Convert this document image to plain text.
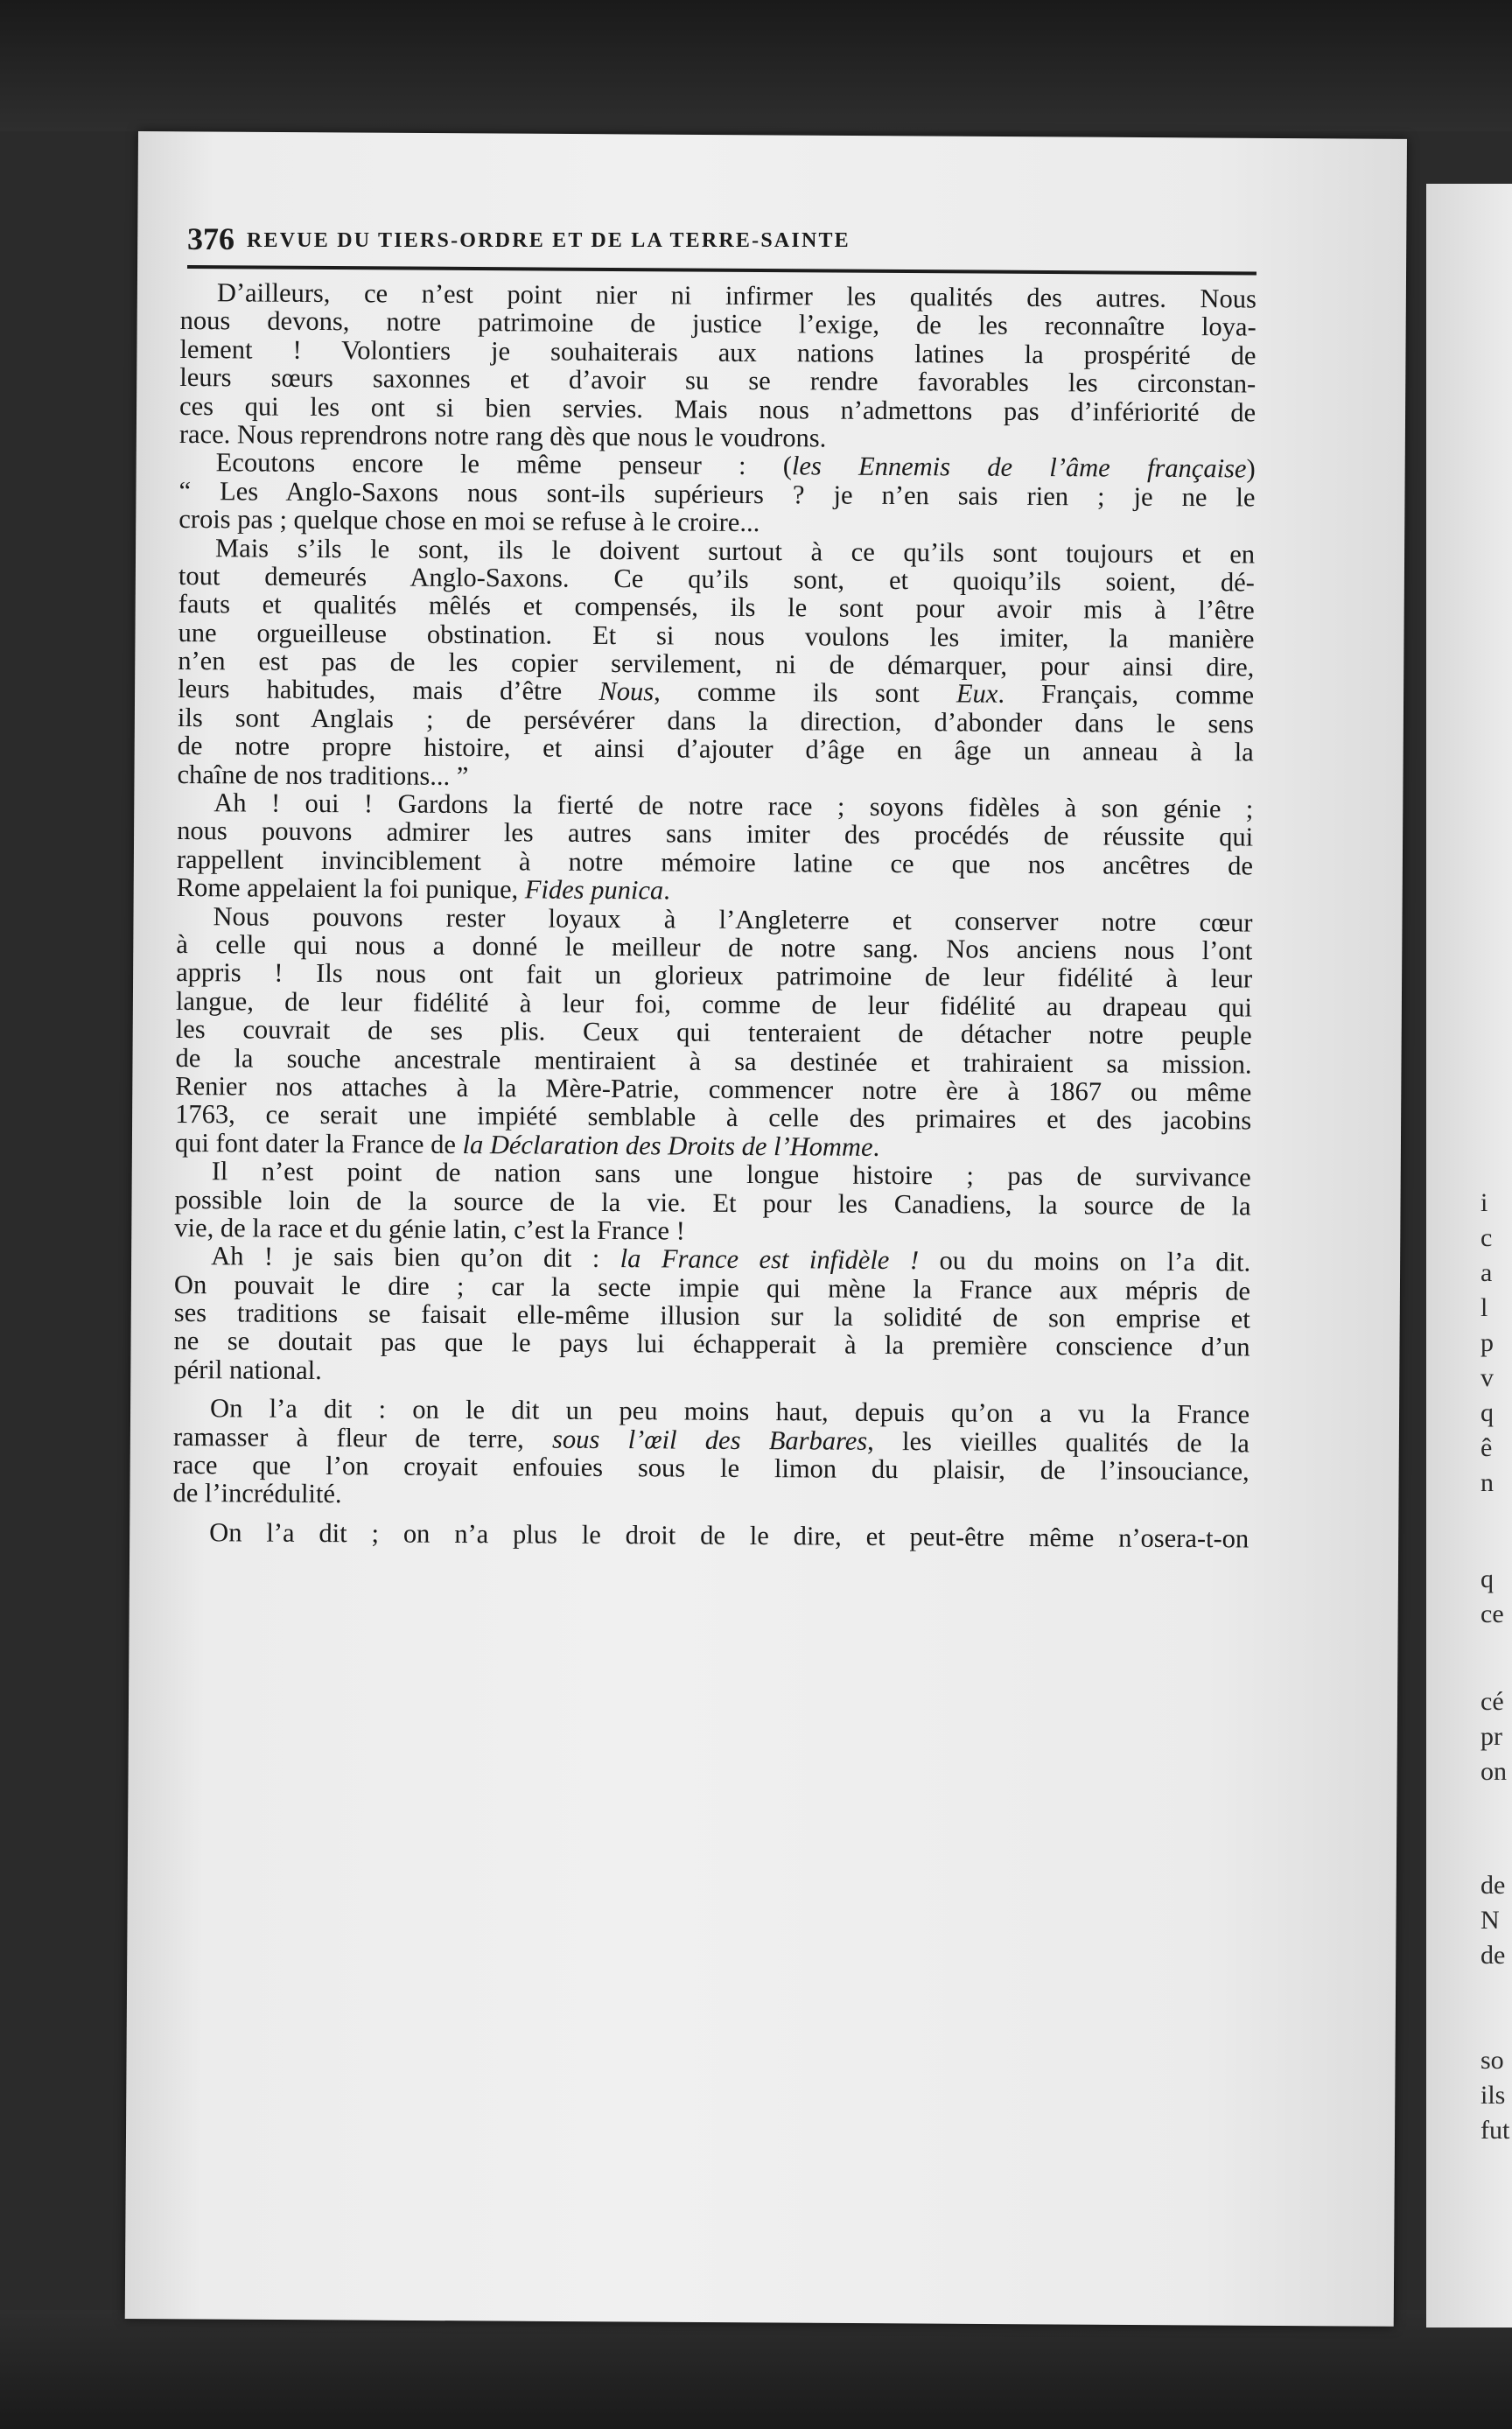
i
c
a
l
p
v
q
ê
n
q
ce
cé
pr
on
de
N
de
so
ils
fut
376 REVUE DU TIERS-ORDRE ET DE LA TERRE-SAINTE
D’ailleurs, ce n’est point nier ni infirmer les qualités des autres. Nous
nous devons, notre patrimoine de justice l’exige, de les reconnaître loya-
lement ! Volontiers je souhaiterais aux nations latines la prospérité de
leurs sœurs saxonnes et d’avoir su se rendre favorables les circonstan-
ces qui les ont si bien servies. Mais nous n’admettons pas d’infériorité de
race. Nous reprendrons notre rang dès que nous le voudrons.
Ecoutons encore le même penseur : (les Ennemis de l’âme française)
“ Les Anglo-Saxons nous sont-ils supérieurs ? je n’en sais rien ; je ne le
crois pas ; quelque chose en moi se refuse à le croire...
Mais s’ils le sont, ils le doivent surtout à ce qu’ils sont toujours et en
tout demeurés Anglo-Saxons. Ce qu’ils sont, et quoiqu’ils soient, dé-
fauts et qualités mêlés et compensés, ils le sont pour avoir mis à l’être
une orgueilleuse obstination. Et si nous voulons les imiter, la manière
n’en est pas de les copier servilement, ni de démarquer, pour ainsi dire,
leurs habitudes, mais d’être Nous, comme ils sont Eux. Français, comme
ils sont Anglais ; de persévérer dans la direction, d’abonder dans le sens
de notre propre histoire, et ainsi d’ajouter d’âge en âge un anneau à la
chaîne de nos traditions... ”
Ah ! oui ! Gardons la fierté de notre race ; soyons fidèles à son génie ;
nous pouvons admirer les autres sans imiter des procédés de réussite qui
rappellent invinciblement à notre mémoire latine ce que nos ancêtres de
Rome appelaient la foi punique, Fides punica.
Nous pouvons rester loyaux à l’Angleterre et conserver notre cœur
à celle qui nous a donné le meilleur de notre sang. Nos anciens nous l’ont
appris ! Ils nous ont fait un glorieux patrimoine de leur fidélité à leur
langue, de leur fidélité à leur foi, comme de leur fidélité au drapeau qui
les couvrait de ses plis. Ceux qui tenteraient de détacher notre peuple
de la souche ancestrale mentiraient à sa destinée et trahiraient sa mission.
Renier nos attaches à la Mère-Patrie, commencer notre ère à 1867 ou même
1763, ce serait une impiété semblable à celle des primaires et des jacobins
qui font dater la France de la Déclaration des Droits de l’Homme.
Il n’est point de nation sans une longue histoire ; pas de survivance
possible loin de la source de la vie. Et pour les Canadiens, la source de la
vie, de la race et du génie latin, c’est la France !
Ah ! je sais bien qu’on dit : la France est infidèle ! ou du moins on l’a dit.
On pouvait le dire ; car la secte impie qui mène la France aux mépris de
ses traditions se faisait elle-même illusion sur la solidité de son emprise et
ne se doutait pas que le pays lui échapperait à la première conscience d’un
péril national.
On l’a dit : on le dit un peu moins haut, depuis qu’on a vu la France
ramasser à fleur de terre, sous l’œil des Barbares, les vieilles qualités de la
race que l’on croyait enfouies sous le limon du plaisir, de l’insouciance,
de l’incrédulité.
On l’a dit ; on n’a plus le droit de le dire, et peut-être même n’osera-t-on
